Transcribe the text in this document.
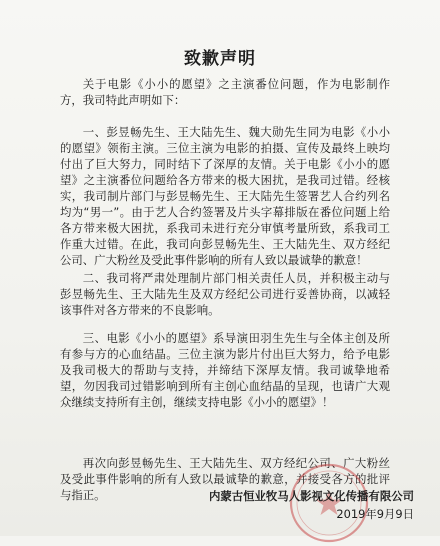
致歉声明
关于电影《小小的愿望》之主演番位问题，作为电影制作方，我司特此声明如下：
一、彭昱畅先生、王大陆先生、魏大勋先生同为电影《小小的愿望》领衔主演。三位主演为电影的拍摄、宣传及最终上映均付出了巨大努力，同时结下了深厚的友情。关于电影《小小的愿望》之主演番位问题给各方带来的极大困扰，是我司过错。经核实，我司制片部门与彭昱畅先生、王大陆先生签署艺人合约列名均为“男一”。由于艺人合约签署及片头字幕排版在番位问题上给各方带来极大困扰，系我司未进行充分审慎考量所致，系我司工作重大过错。在此，我司向彭昱畅先生、王大陆先生、双方经纪公司、广大粉丝及受此事件影响的所有人致以最诚挚的歉意！
二、我司将严肃处理制片部门相关责任人员，并积极主动与彭昱畅先生、王大陆先生及双方经纪公司进行妥善协商，以减轻该事件对各方带来的不良影响。
三、电影《小小的愿望》系导演田羽生先生与全体主创及所有参与方的心血结晶。三位主演为影片付出巨大努力，给予电影及我司极大的帮助与支持，并缔结下深厚友情。我司诚挚地希望，勿因我司过错影响到所有主创心血结晶的呈现，也请广大观众继续支持所有主创，继续支持电影《小小的愿望》！
再次向彭昱畅先生、王大陆先生、双方经纪公司、广大粉丝及受此事件影响的所有人致以最诚挚的歉意，并接受各方的批评与指正。	内蒙古恒业牧马人影视文化传播有限公司
2019年9月9日
